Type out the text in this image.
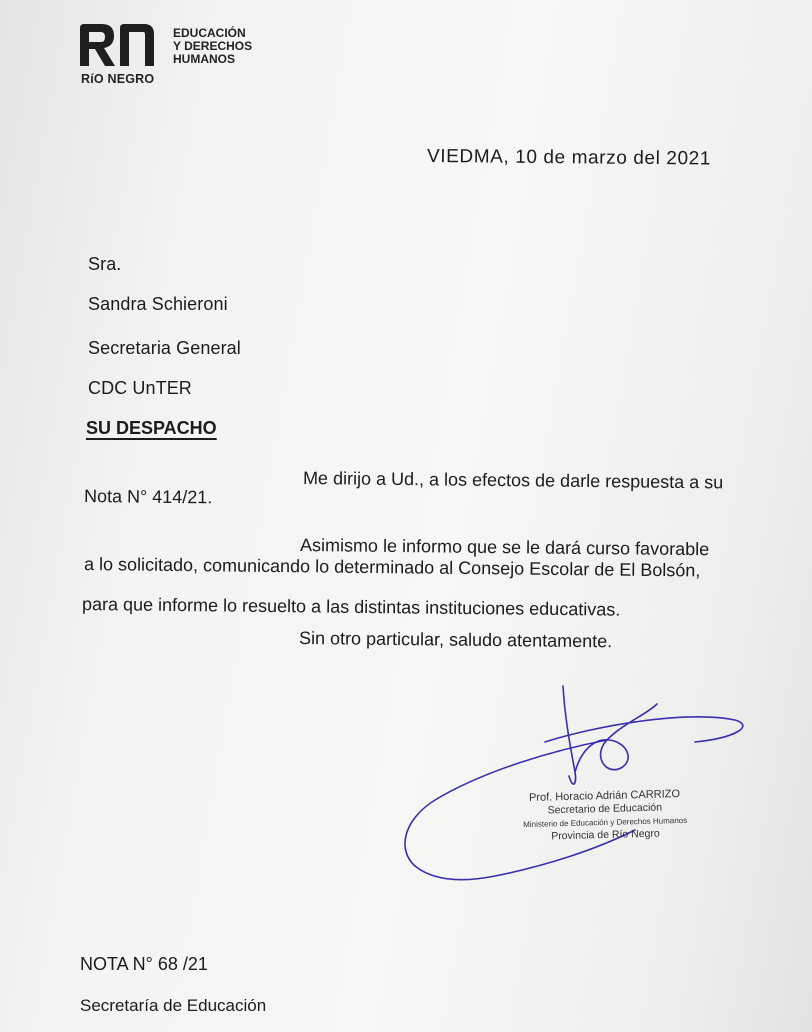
RíO NEGRO
EDUCACIÓN
Y DERECHOS
HUMANOS
VIEDMA, 10 de marzo del 2021
Sra.
Sandra Schieroni
Secretaria General
CDC UnTER
SU DESPACHO
Me dirijo a Ud., a los efectos de darle respuesta a su
Nota N° 414/21.
Asimismo le informo que se le dará curso favorable
a lo solicitado, comunicando lo determinado al Consejo Escolar de El Bolsón,
para que informe lo resuelto a las distintas instituciones educativas.
Sin otro particular, saludo atentamente.
Prof. Horacio Adrián CARRIZO
Secretario de Educación
Ministerio de Educación y Derechos Humanos
Provincia de Río Negro
NOTA N° 68 /21
Secretaría de Educación
